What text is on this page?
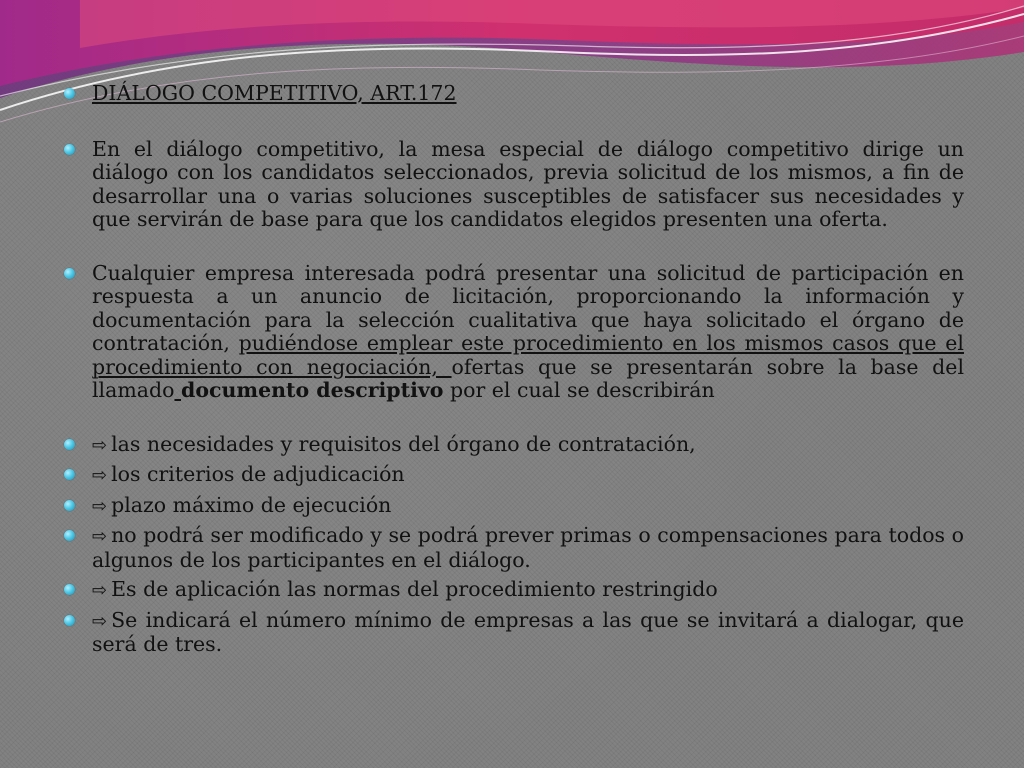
DIÁLOGO COMPETITIVO, ART.172

En el diálogo competitivo, la mesa especial de diálogo competitivo dirige un diálogo con los candidatos seleccionados, previa solicitud de los mismos, a fin de desarrollar una o varias soluciones susceptibles de satisfacer sus necesidades y que servirán de base para que los candidatos elegidos presenten una oferta.

Cualquier empresa interesada podrá presentar una solicitud de participación en respuesta a un anuncio de licitación, proporcionando la información y documentación para la selección cualitativa que haya solicitado el órgano de contratación, pudiéndose emplear este procedimiento en los mismos casos que el procedimiento con negociación, ofertas que se presentarán sobre la base del llamado documento descriptivo por el cual se describirán

⇨ las necesidades y requisitos del órgano de contratación,

⇨ los criterios de adjudicación

⇨ plazo máximo de ejecución

⇨ no podrá ser modificado y se podrá prever primas o compensaciones para todos o algunos de los participantes en el diálogo.

⇨ Es de aplicación las normas del procedimiento restringido

⇨ Se indicará el número mínimo de empresas a las que se invitará a dialogar, que será de tres.
